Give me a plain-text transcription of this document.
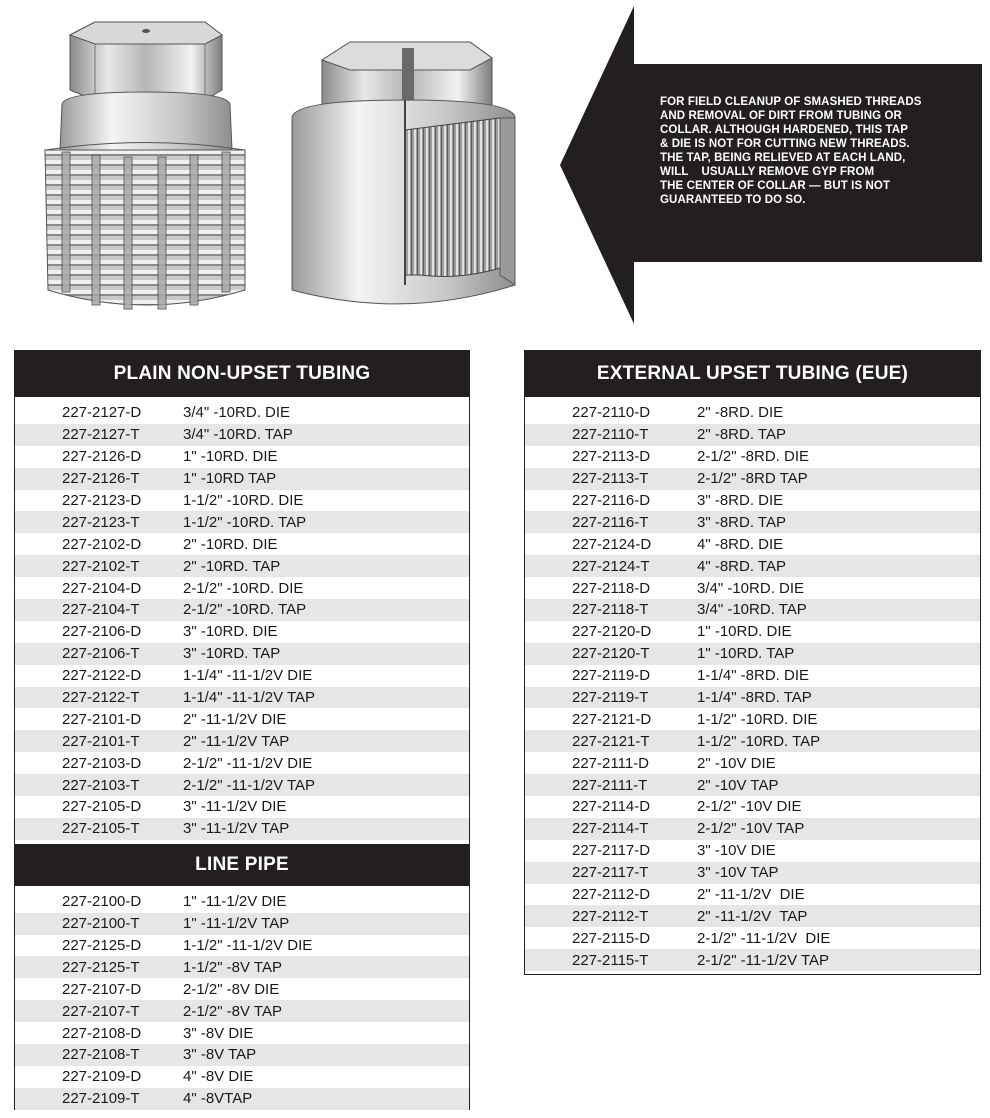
FOR FIELD CLEANUP OF SMASHED THREADS
AND REMOVAL OF DIRT FROM TUBING OR
COLLAR. ALTHOUGH HARDENED, THIS TAP
& DIE IS NOT FOR CUTTING NEW THREADS.
THE TAP, BEING RELIEVED AT EACH LAND,
WILL    USUALLY REMOVE GYP FROM
THE CENTER OF COLLAR — BUT IS NOT
GUARANTEED TO DO SO.
PLAIN NON-UPSET TUBING
227-2127-D	3/4" -10RD. DIE
227-2127-T	3/4" -10RD. TAP
227-2126-D	1" -10RD. DIE
227-2126-T	1" -10RD TAP
227-2123-D	1-1/2" -10RD. DIE
227-2123-T	1-1/2" -10RD. TAP
227-2102-D	2" -10RD. DIE
227-2102-T	2" -10RD. TAP
227-2104-D	2-1/2" -10RD. DIE
227-2104-T	2-1/2" -10RD. TAP
227-2106-D	3" -10RD. DIE
227-2106-T	3" -10RD. TAP
227-2122-D	1-1/4" -11-1/2V DIE
227-2122-T	1-1/4" -11-1/2V TAP
227-2101-D	2" -11-1/2V DIE
227-2101-T	2" -11-1/2V TAP
227-2103-D	2-1/2" -11-1/2V DIE
227-2103-T	2-1/2" -11-1/2V TAP
227-2105-D	3" -11-1/2V DIE
227-2105-T	3" -11-1/2V TAP
LINE PIPE
227-2100-D	1" -11-1/2V DIE
227-2100-T	1" -11-1/2V TAP
227-2125-D	1-1/2" -11-1/2V DIE
227-2125-T	1-1/2" -8V TAP
227-2107-D	2-1/2" -8V DIE
227-2107-T	2-1/2" -8V TAP
227-2108-D	3" -8V DIE
227-2108-T	3" -8V TAP
227-2109-D	4" -8V DIE
227-2109-T	4" -8VTAP
EXTERNAL UPSET TUBING (EUE)
227-2110-D	2" -8RD. DIE
227-2110-T	2" -8RD. TAP
227-2113-D	2-1/2" -8RD. DIE
227-2113-T	2-1/2" -8RD TAP
227-2116-D	3" -8RD. DIE
227-2116-T	3" -8RD. TAP
227-2124-D	4" -8RD. DIE
227-2124-T	4" -8RD. TAP
227-2118-D	3/4" -10RD. DIE
227-2118-T	3/4" -10RD. TAP
227-2120-D	1" -10RD. DIE
227-2120-T	1" -10RD. TAP
227-2119-D	1-1/4" -8RD. DIE
227-2119-T	1-1/4" -8RD. TAP
227-2121-D	1-1/2" -10RD. DIE
227-2121-T	1-1/2" -10RD. TAP
227-2111-D	2" -10V DIE
227-2111-T	2" -10V TAP
227-2114-D	2-1/2" -10V DIE
227-2114-T	2-1/2" -10V TAP
227-2117-D	3" -10V DIE
227-2117-T	3" -10V TAP
227-2112-D	2" -11-1/2V  DIE
227-2112-T	2" -11-1/2V  TAP
227-2115-D	2-1/2" -11-1/2V  DIE
227-2115-T	2-1/2" -11-1/2V TAP
